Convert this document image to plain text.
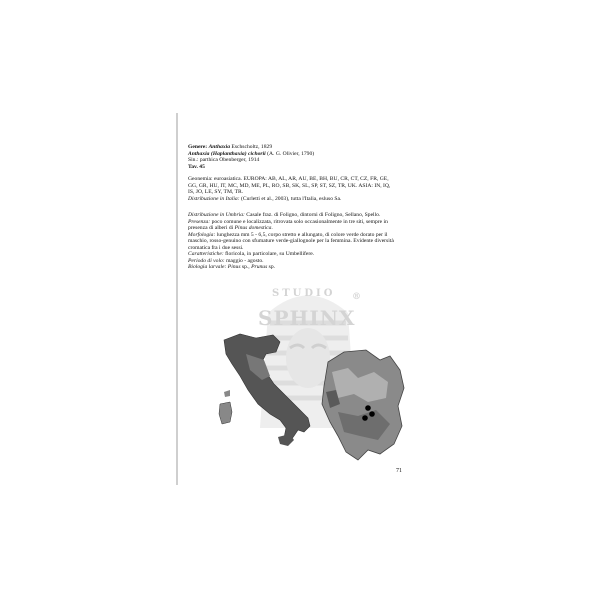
Genere: Anthaxia Eschscholtz, 1829
Anthaxia (Haplanthaxia) cichorii (A. G. Olivier, 1790)
Sin.: parthica Obenberger, 1914
Tav. 45
Geonemia: euroasiatica. EUROPA: AB, AL, AR, AU, BE, BH, BU, CR, CT, CZ, FR, GE,
GG, GR, HU, IT, MC, MD, ME, PL, RO, SB, SK, SL, SP, ST, SZ, TR, UK. ASIA: IN, IQ,
IS, JO, LE, SY, TM, TR.
Distribuzione in Italia: (Curletti et al., 2003), tutta l'Italia, esluso Sa.
Distribuzione in Umbria: Casale fraz. di Foligno, dintorni di Foligno, Sellano, Spello.
Presenza: poco comune e localizzata, ritrovata solo occasionalmente in tre siti, sempre in
presenza di alberi di Pinus domestica.
Morfologia: lunghezza mm 5 - 6,5, corpo stretto e allungato, di colore verde dorato per il
maschio, rosso-genuino con sfumature verde-giallognole per la femmina. Evidente diversità
cromatica fra i due sessi.
Caratteristiche: floricola, in particolare, su Umbellifere.
Periodo di volo: maggio - agosto.
Biologia larvale: Pinus sp., Prunus sp.
STUDIO
SPHINX
®
71
